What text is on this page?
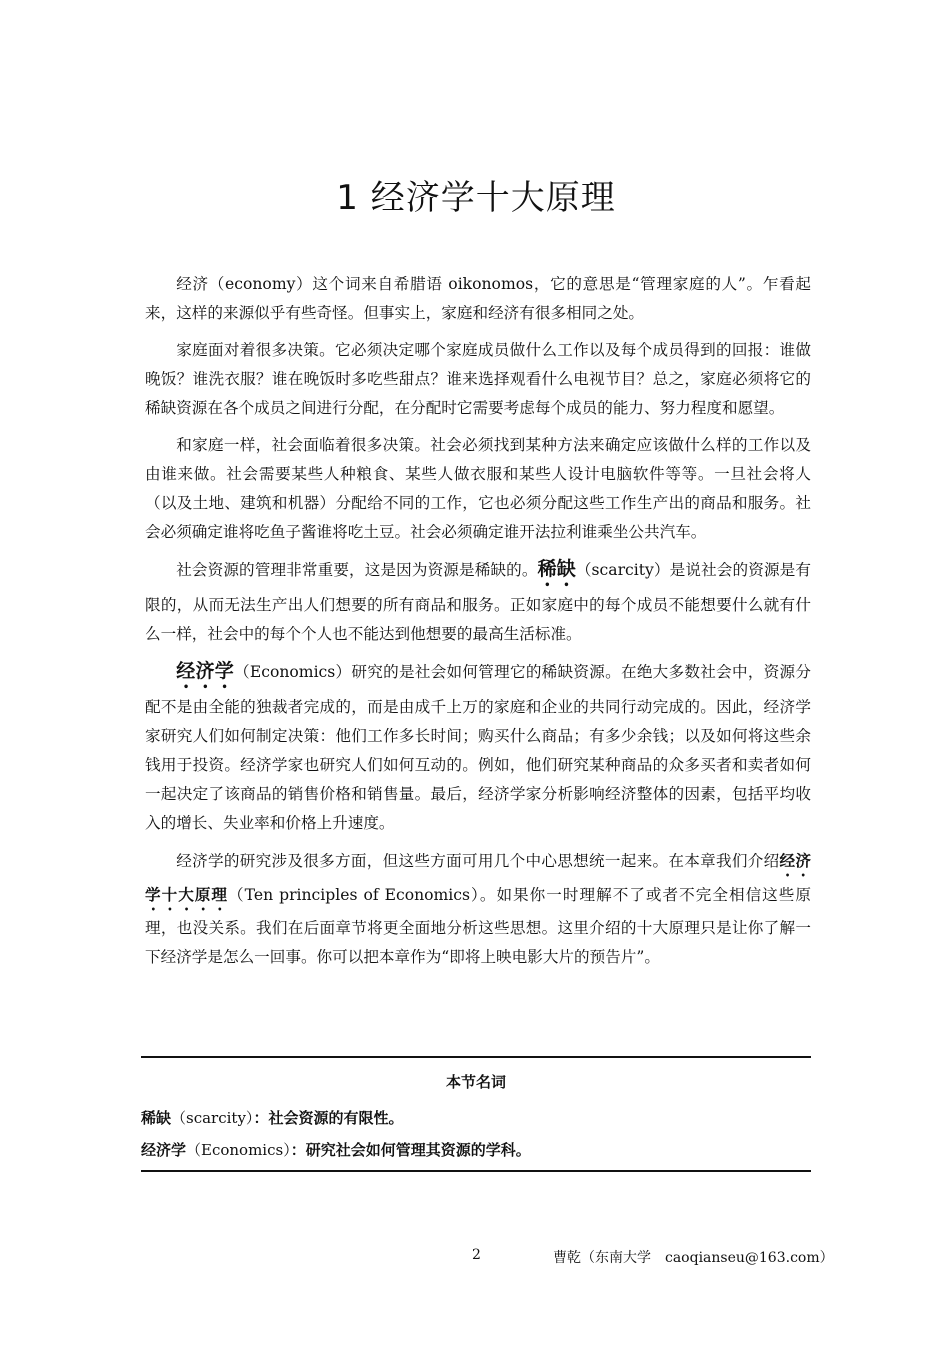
1 经济学十大原理

经济（economy）这个词来自希腊语 oikonomos，它的意思是“管理家庭的人”。乍看起来，这样的来源似乎有些奇怪。但事实上，家庭和经济有很多相同之处。

家庭面对着很多决策。它必须决定哪个家庭成员做什么工作以及每个成员得到的回报：谁做晚饭？谁洗衣服？谁在晚饭时多吃些甜点？谁来选择观看什么电视节目？总之，家庭必须将它的稀缺资源在各个成员之间进行分配，在分配时它需要考虑每个成员的能力、努力程度和愿望。

和家庭一样，社会面临着很多决策。社会必须找到某种方法来确定应该做什么样的工作以及由谁来做。社会需要某些人种粮食、某些人做衣服和某些人设计电脑软件等等。一旦社会将人（以及土地、建筑和机器）分配给不同的工作，它也必须分配这些工作生产出的商品和服务。社会必须确定谁将吃鱼子酱谁将吃土豆。社会必须确定谁开法拉利谁乘坐公共汽车。

社会资源的管理非常重要，这是因为资源是稀缺的。稀缺（scarcity）是说社会的资源是有限的，从而无法生产出人们想要的所有商品和服务。正如家庭中的每个成员不能想要什么就有什么一样，社会中的每个个人也不能达到他想要的最高生活标准。

经济学（Economics）研究的是社会如何管理它的稀缺资源。在绝大多数社会中，资源分配不是由全能的独裁者完成的，而是由成千上万的家庭和企业的共同行动完成的。因此，经济学家研究人们如何制定决策：他们工作多长时间；购买什么商品；有多少余钱；以及如何将这些余钱用于投资。经济学家也研究人们如何互动的。例如，他们研究某种商品的众多买者和卖者如何一起决定了该商品的销售价格和销售量。最后，经济学家分析影响经济整体的因素，包括平均收入的增长、失业率和价格上升速度。

经济学的研究涉及很多方面，但这些方面可用几个中心思想统一起来。在本章我们介绍经济学十大原理（Ten principles of Economics）。如果你一时理解不了或者不完全相信这些原理，也没关系。我们在后面章节将更全面地分析这些思想。这里介绍的十大原理只是让你了解一下经济学是怎么一回事。你可以把本章作为“即将上映电影大片的预告片”。

本节名词

稀缺（scarcity）：社会资源的有限性。

经济学（Economics）：研究社会如何管理其资源的学科。

2	曹乾（东南大学　caoqianseu@163.com）
